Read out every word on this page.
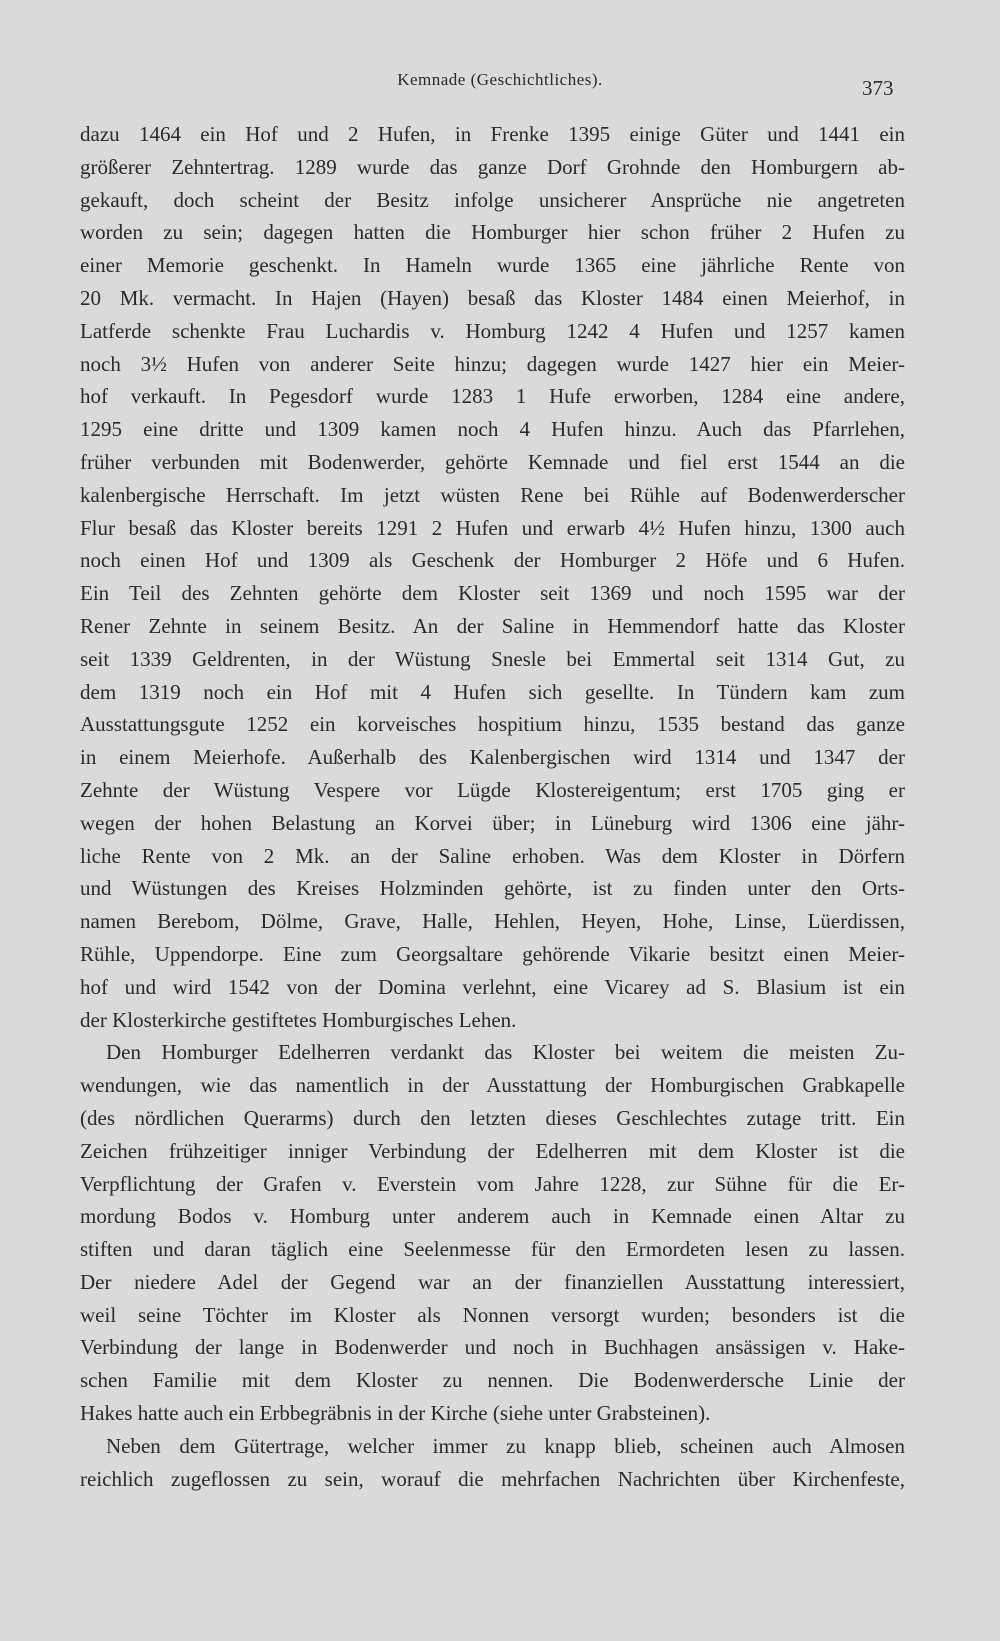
Kemnade (Geschichtliches).	373
dazu 1464 ein Hof und 2 Hufen, in Frenke 1395 einige Güter und 1441 ein
größerer Zehntertrag. 1289 wurde das ganze Dorf Grohnde den Homburgern ab-
gekauft, doch scheint der Besitz infolge unsicherer Ansprüche nie angetreten
worden zu sein; dagegen hatten die Homburger hier schon früher 2 Hufen zu
einer Memorie geschenkt. In Hameln wurde 1365 eine jährliche Rente von
20 Mk. vermacht. In Hajen (Hayen) besaß das Kloster 1484 einen Meierhof, in
Latferde schenkte Frau Luchardis v. Homburg 1242 4 Hufen und 1257 kamen
noch 3½ Hufen von anderer Seite hinzu; dagegen wurde 1427 hier ein Meier-
hof verkauft. In Pegesdorf wurde 1283 1 Hufe erworben, 1284 eine andere,
1295 eine dritte und 1309 kamen noch 4 Hufen hinzu. Auch das Pfarrlehen,
früher verbunden mit Bodenwerder, gehörte Kemnade und fiel erst 1544 an die
kalenbergische Herrschaft. Im jetzt wüsten Rene bei Rühle auf Bodenwerderscher
Flur besaß das Kloster bereits 1291 2 Hufen und erwarb 4½ Hufen hinzu, 1300 auch
noch einen Hof und 1309 als Geschenk der Homburger 2 Höfe und 6 Hufen.
Ein Teil des Zehnten gehörte dem Kloster seit 1369 und noch 1595 war der
Rener Zehnte in seinem Besitz. An der Saline in Hemmendorf hatte das Kloster
seit 1339 Geldrenten, in der Wüstung Snesle bei Emmertal seit 1314 Gut, zu
dem 1319 noch ein Hof mit 4 Hufen sich gesellte. In Tündern kam zum
Ausstattungsgute 1252 ein korveisches hospitium hinzu, 1535 bestand das ganze
in einem Meierhofe. Außerhalb des Kalenbergischen wird 1314 und 1347 der
Zehnte der Wüstung Vespere vor Lügde Klostereigentum; erst 1705 ging er
wegen der hohen Belastung an Korvei über; in Lüneburg wird 1306 eine jähr-
liche Rente von 2 Mk. an der Saline erhoben. Was dem Kloster in Dörfern
und Wüstungen des Kreises Holzminden gehörte, ist zu finden unter den Orts-
namen Berebom, Dölme, Grave, Halle, Hehlen, Heyen, Hohe, Linse, Lüerdissen,
Rühle, Uppendorpe. Eine zum Georgsaltare gehörende Vikarie besitzt einen Meier-
hof und wird 1542 von der Domina verlehnt, eine Vicarey ad S. Blasium ist ein
der Klosterkirche gestiftetes Homburgisches Lehen.
Den Homburger Edelherren verdankt das Kloster bei weitem die meisten Zu-
wendungen, wie das namentlich in der Ausstattung der Homburgischen Grabkapelle
(des nördlichen Querarms) durch den letzten dieses Geschlechtes zutage tritt. Ein
Zeichen frühzeitiger inniger Verbindung der Edelherren mit dem Kloster ist die
Verpflichtung der Grafen v. Everstein vom Jahre 1228, zur Sühne für die Er-
mordung Bodos v. Homburg unter anderem auch in Kemnade einen Altar zu
stiften und daran täglich eine Seelenmesse für den Ermordeten lesen zu lassen.
Der niedere Adel der Gegend war an der finanziellen Ausstattung interessiert,
weil seine Töchter im Kloster als Nonnen versorgt wurden; besonders ist die
Verbindung der lange in Bodenwerder und noch in Buchhagen ansässigen v. Hake-
schen Familie mit dem Kloster zu nennen. Die Bodenwerdersche Linie der
Hakes hatte auch ein Erbbegräbnis in der Kirche (siehe unter Grabsteinen).
Neben dem Gütertrage, welcher immer zu knapp blieb, scheinen auch Almosen
reichlich zugeflossen zu sein, worauf die mehrfachen Nachrichten über Kirchenfeste,
